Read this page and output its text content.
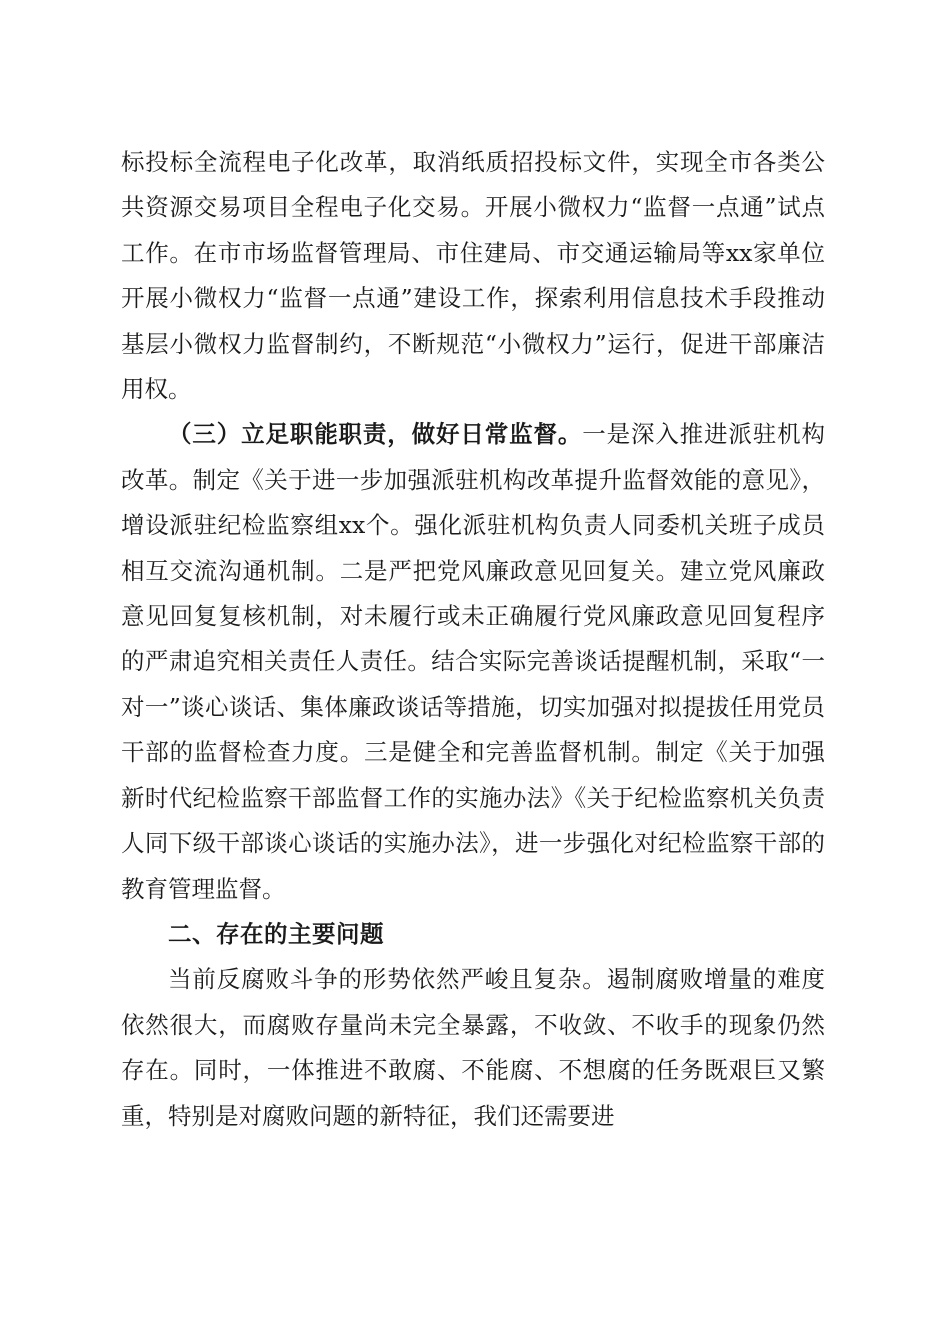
标投标全流程电子化改革，取消纸质招投标文件，实现全市各类公共资源交易项目全程电子化交易。开展小微权力“监督一点通”试点工作。在市市场监督管理局、市住建局、市交通运输局等xx家单位开展小微权力“监督一点通”建设工作，探索利用信息技术手段推动基层小微权力监督制约，不断规范“小微权力”运行，促进干部廉洁用权。

（三）立足职能职责，做好日常监督。一是深入推进派驻机构改革。制定《关于进一步加强派驻机构改革提升监督效能的意见》，增设派驻纪检监察组xx个。强化派驻机构负责人同委机关班子成员相互交流沟通机制。二是严把党风廉政意见回复关。建立党风廉政意见回复复核机制，对未履行或未正确履行党风廉政意见回复程序的严肃追究相关责任人责任。结合实际完善谈话提醒机制，采取“一对一”谈心谈话、集体廉政谈话等措施，切实加强对拟提拔任用党员干部的监督检查力度。三是健全和完善监督机制。制定《关于加强新时代纪检监察干部监督工作的实施办法》《关于纪检监察机关负责人同下级干部谈心谈话的实施办法》，进一步强化对纪检监察干部的教育管理监督。

二、存在的主要问题

当前反腐败斗争的形势依然严峻且复杂。遏制腐败增量的难度依然很大，而腐败存量尚未完全暴露，不收敛、不收手的现象仍然存在。同时，一体推进不敢腐、不能腐、不想腐的任务既艰巨又繁重，特别是对腐败问题的新特征，我们还需要进
